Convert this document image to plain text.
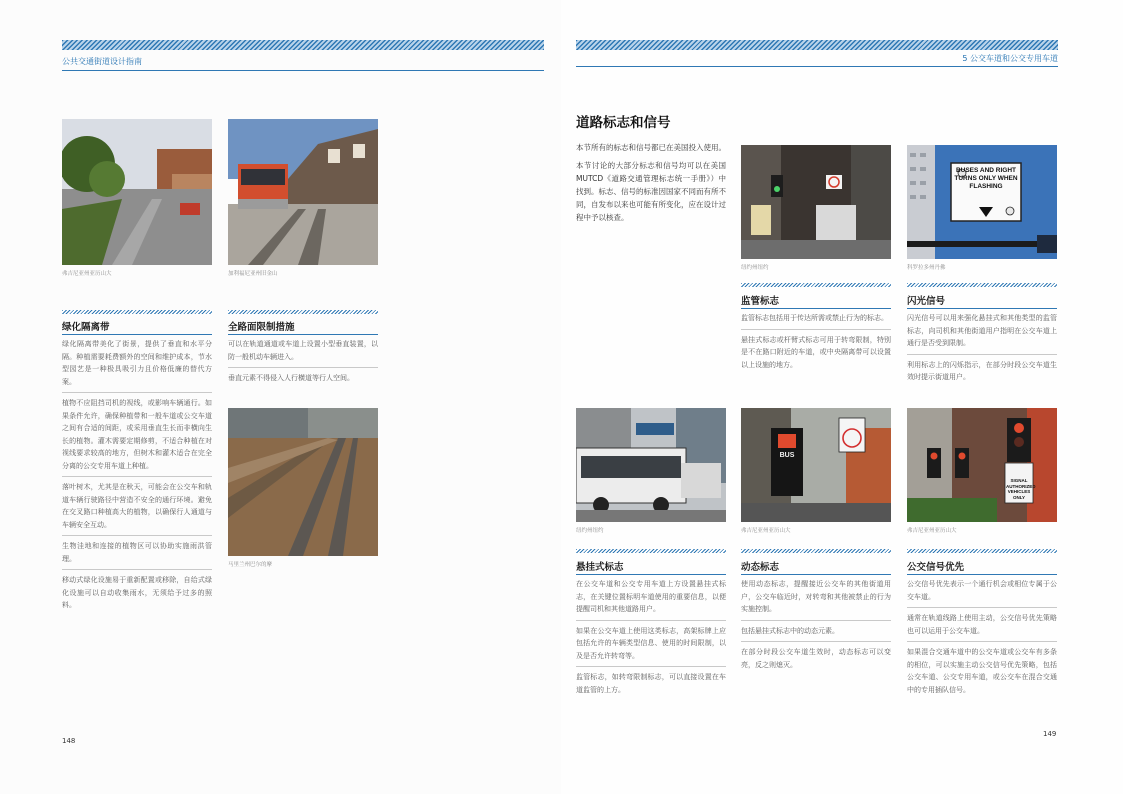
公共交通街道设计指南
弗吉尼亚州亚历山大	加利福尼亚州旧金山
绿化隔离带

绿化隔离带美化了街景，提供了垂直和水平分隔。种植需要耗费额外的空间和维护成本，节水型园艺是一种极具吸引力且价格低廉的替代方案。

植物不应阻挡司机的视线，或影响车辆通行。如果条件允许，确保种植带和一般车道或公交车道之间有合适的间距，或采用垂直生长而非横向生长的植物。灌木需要定期修剪，不适合种植在对视线要求较高的地方，但树木和灌木适合在完全分离的公交专用车道上种植。

落叶树木，尤其是在秋天，可能会在公交车和轨道车辆行驶路径中营造不安全的通行环境。避免在交叉路口种植高大的植物，以确保行人通道与车辆安全互动。

生物洼地和连接的植物区可以协助实施雨洪管理。

移动式绿化设施易于重新配置或移除，自给式绿化设施可以自动收集雨水，无须给予过多的照料。

全路面限制措施

可以在轨道通道或车道上设置小型垂直装置，以防一般机动车辆进入。

垂直元素不得侵入人行横道等行人空间。

马里兰州巴尔的摩
148
5 公交车道和公交专用车道
道路标志和信号

本节所有的标志和信号都已在美国投入使用。

本节讨论的大部分标志和信号均可以在美国MUTCD《道路交通管理标志统一手册》）中找到。标志、信号的标准因国家不同而有所不同，自发布以来也可能有所变化，应在设计过程中予以核查。

纽约州纽约
BUSES AND RIGHT TURNS ONLY WHEN FLASHING
科罗拉多州丹佛
监管标志

监管标志包括用于传达所需或禁止行为的标志。

悬挂式标志或杆臂式标志可用于转弯限制，特别是不在路口附近的车道，或中央隔离带可以设置以上设施的地方。

闪光信号

闪光信号可以用来强化悬挂式和其他类型的监管标志，向司机和其他街道用户指明在公交车道上通行是否受到限制。

利用标志上的闪烁指示，在部分时段公交车道生效时提示街道用户。

纽约州纽约
BUS
弗吉尼亚州亚历山大
SIGNAL AUTHORIZED VEHICLES ONLY
弗吉尼亚州亚历山大
悬挂式标志

在公交车道和公交专用车道上方设置悬挂式标志，在关键位置标明车道使用的重要信息，以便提醒司机和其他道路用户。

如果在公交车道上使用这类标志，高架标牌上应包括允许的车辆类型信息、使用的时间限制，以及是否允许转弯等。

监管标志，如转弯限制标志，可以直接设置在车道监管的上方。

动态标志

使用动态标志，提醒接近公交车的其他街道用户，公交车临近时，对转弯和其他被禁止的行为实施控制。

包括悬挂式标志中的动态元素。

在部分时段公交车道生效时，动态标志可以变亮，反之则熄灭。

公交信号优先

公交信号优先表示一个通行机会或相位专属于公交车道。

通常在轨道线路上使用主动，公交信号优先策略也可以运用于公交车道。

如果混合交通车道中的公交车道或公交车有多条的相位，可以实施主动公交信号优先策略，包括公交车道、公交专用车道，或公交车在混合交通中的专用插队信号。

149
